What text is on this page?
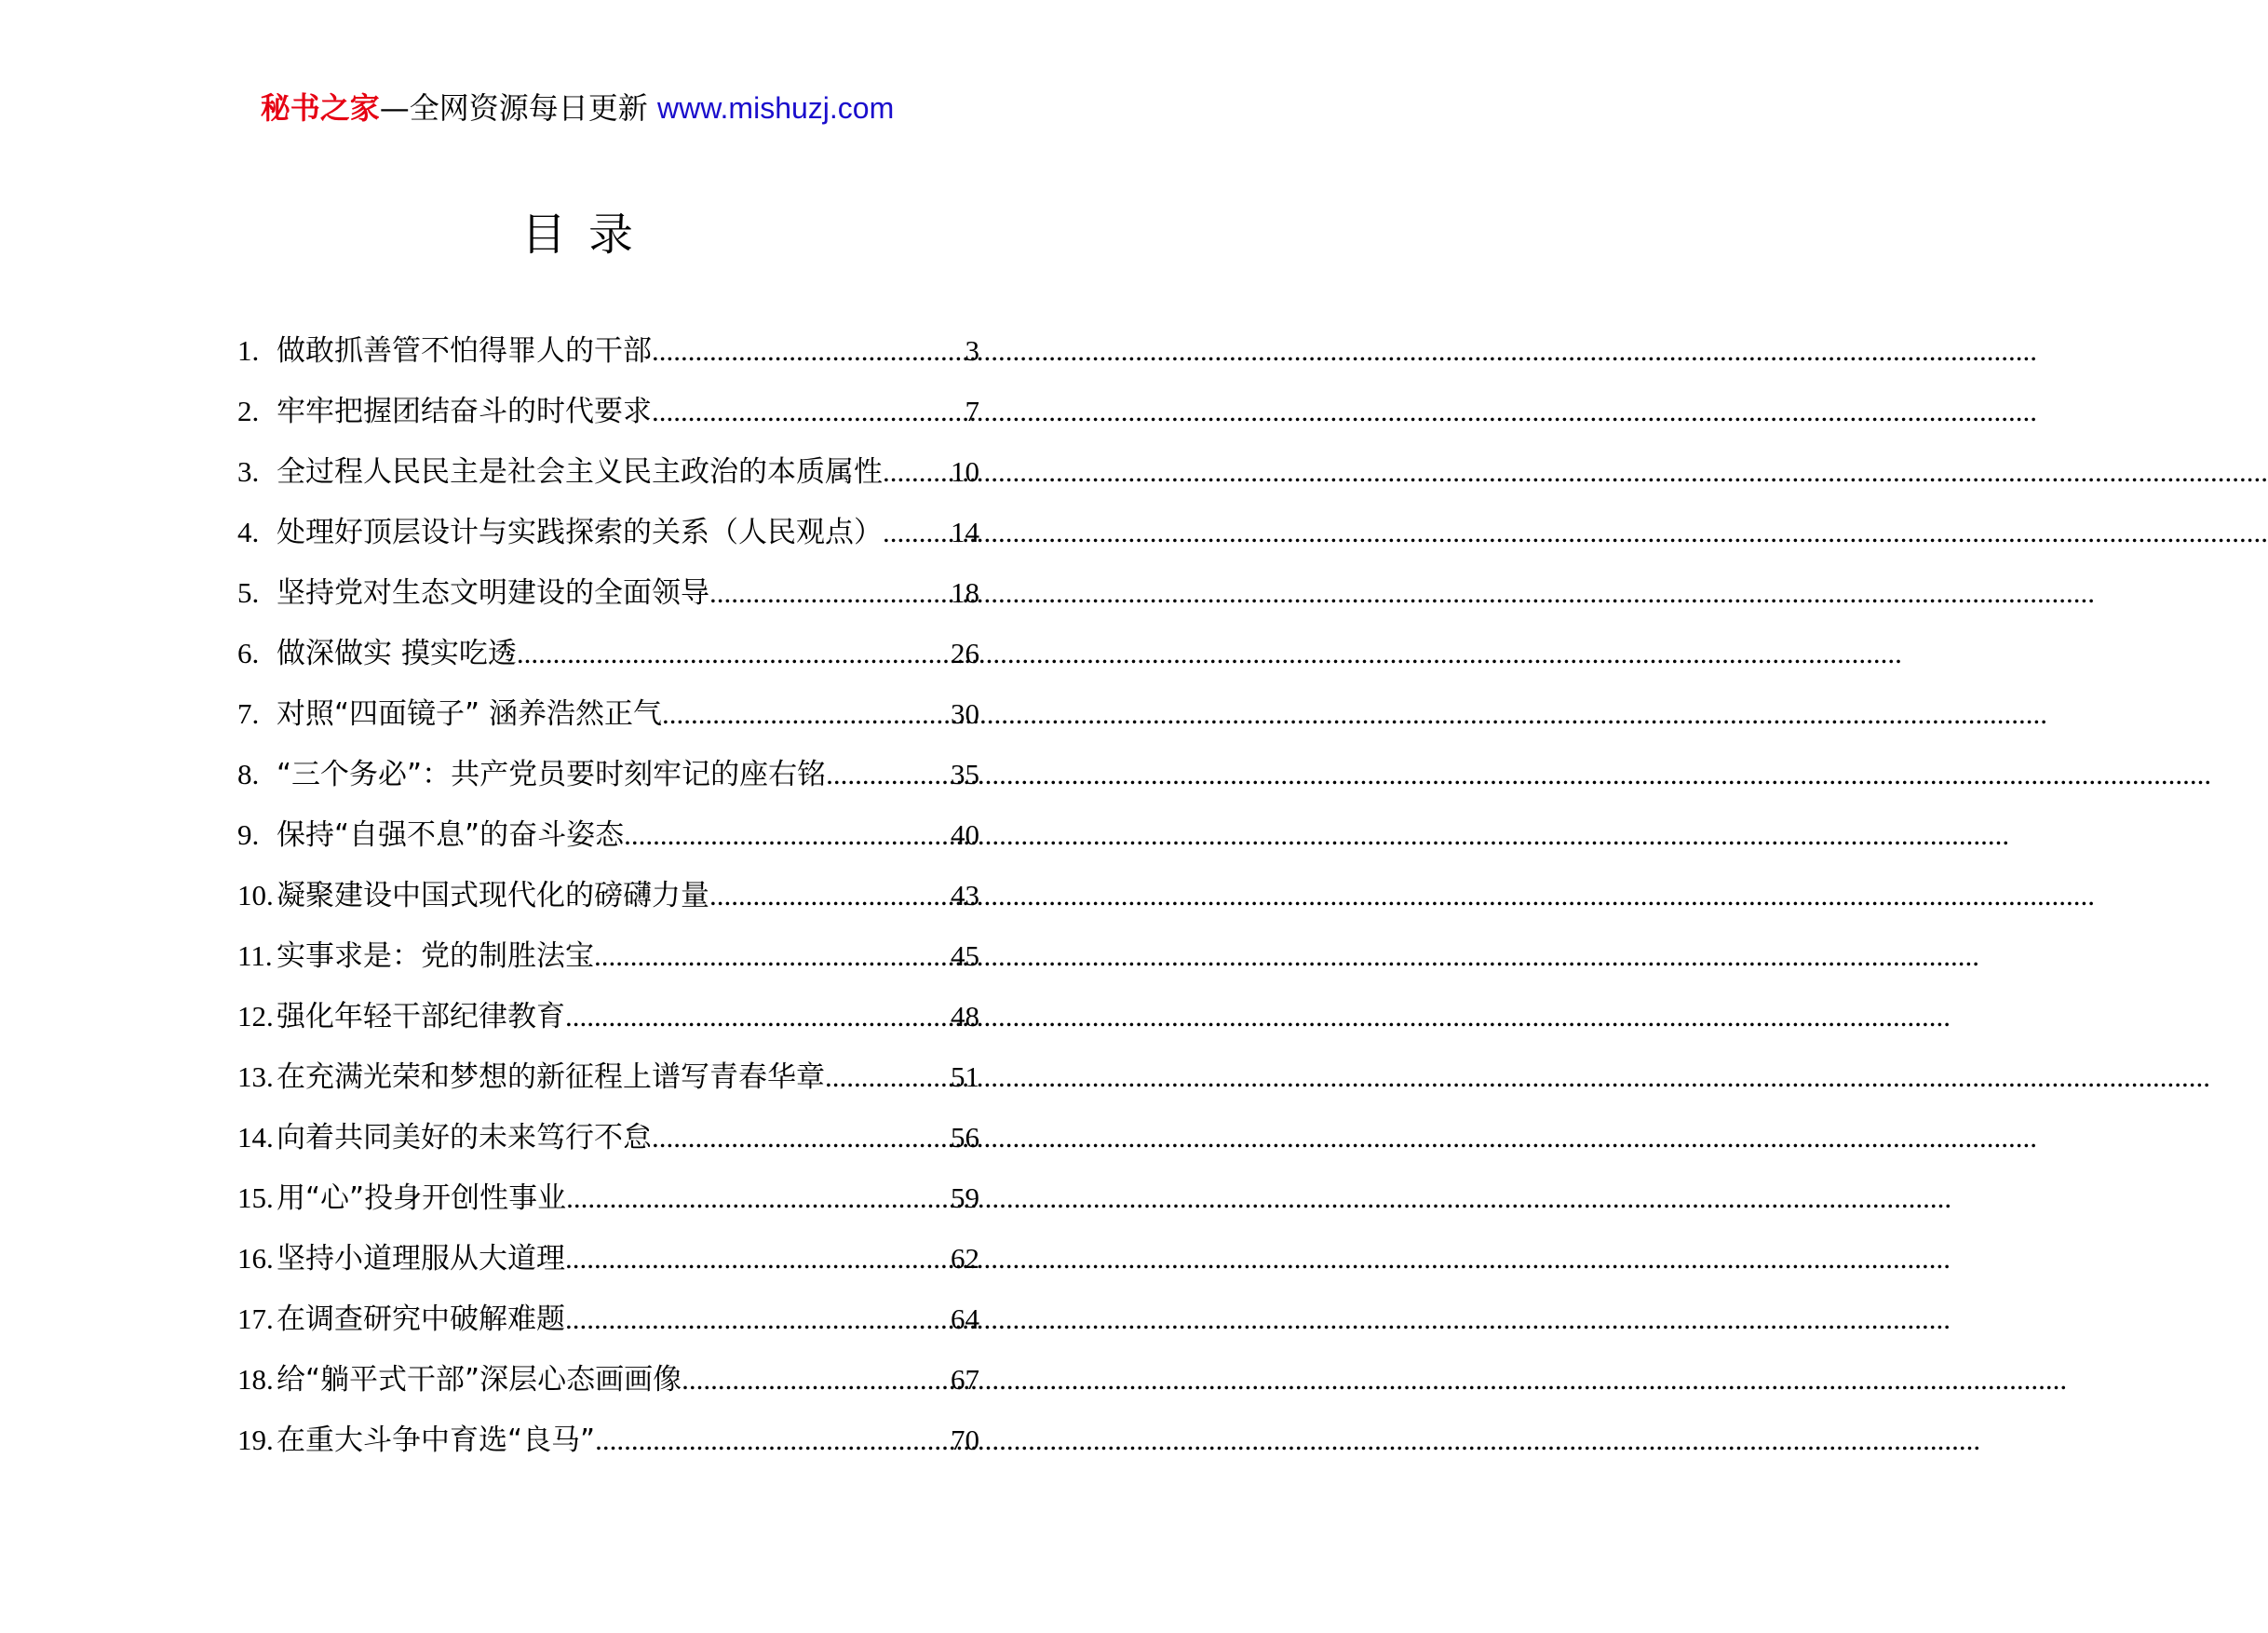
秘书之家—全网资源每日更新 www.mishuzj.com
目录
1. 做敢抓善管不怕得罪人的干部 .....	3
2. 牢牢把握团结奋斗的时代要求 .....	7
3. 全过程人民民主是社会主义民主政治的本质属性 ..... 10
4. 处理好顶层设计与实践探索的关系（人民观点） ..... 14
5. 坚持党对生态文明建设的全面领导 .....	18
6. 做深做实 摸实吃透 .....	26
7. 对照“四面镜子” 涵养浩然正气 .....	30
8. “三个务必”：共产党员要时刻牢记的座右铭 .....	35
9. 保持“自强不息”的奋斗姿态 .....	40
10. 凝聚建设中国式现代化的磅礴力量 .....	43
11. 实事求是：党的制胜法宝 .....	45
12. 强化年轻干部纪律教育 .....	48
13. 在充满光荣和梦想的新征程上谱写青春华章 .....	51
14. 向着共同美好的未来笃行不怠 .....	56
15. 用“心”投身开创性事业 .....	59
16. 坚持小道理服从大道理 .....	62
17. 在调查研究中破解难题 .....	64
18. 给“躺平式干部”深层心态画画像 .....	67
19. 在重大斗争中育选“良马” .....	70
